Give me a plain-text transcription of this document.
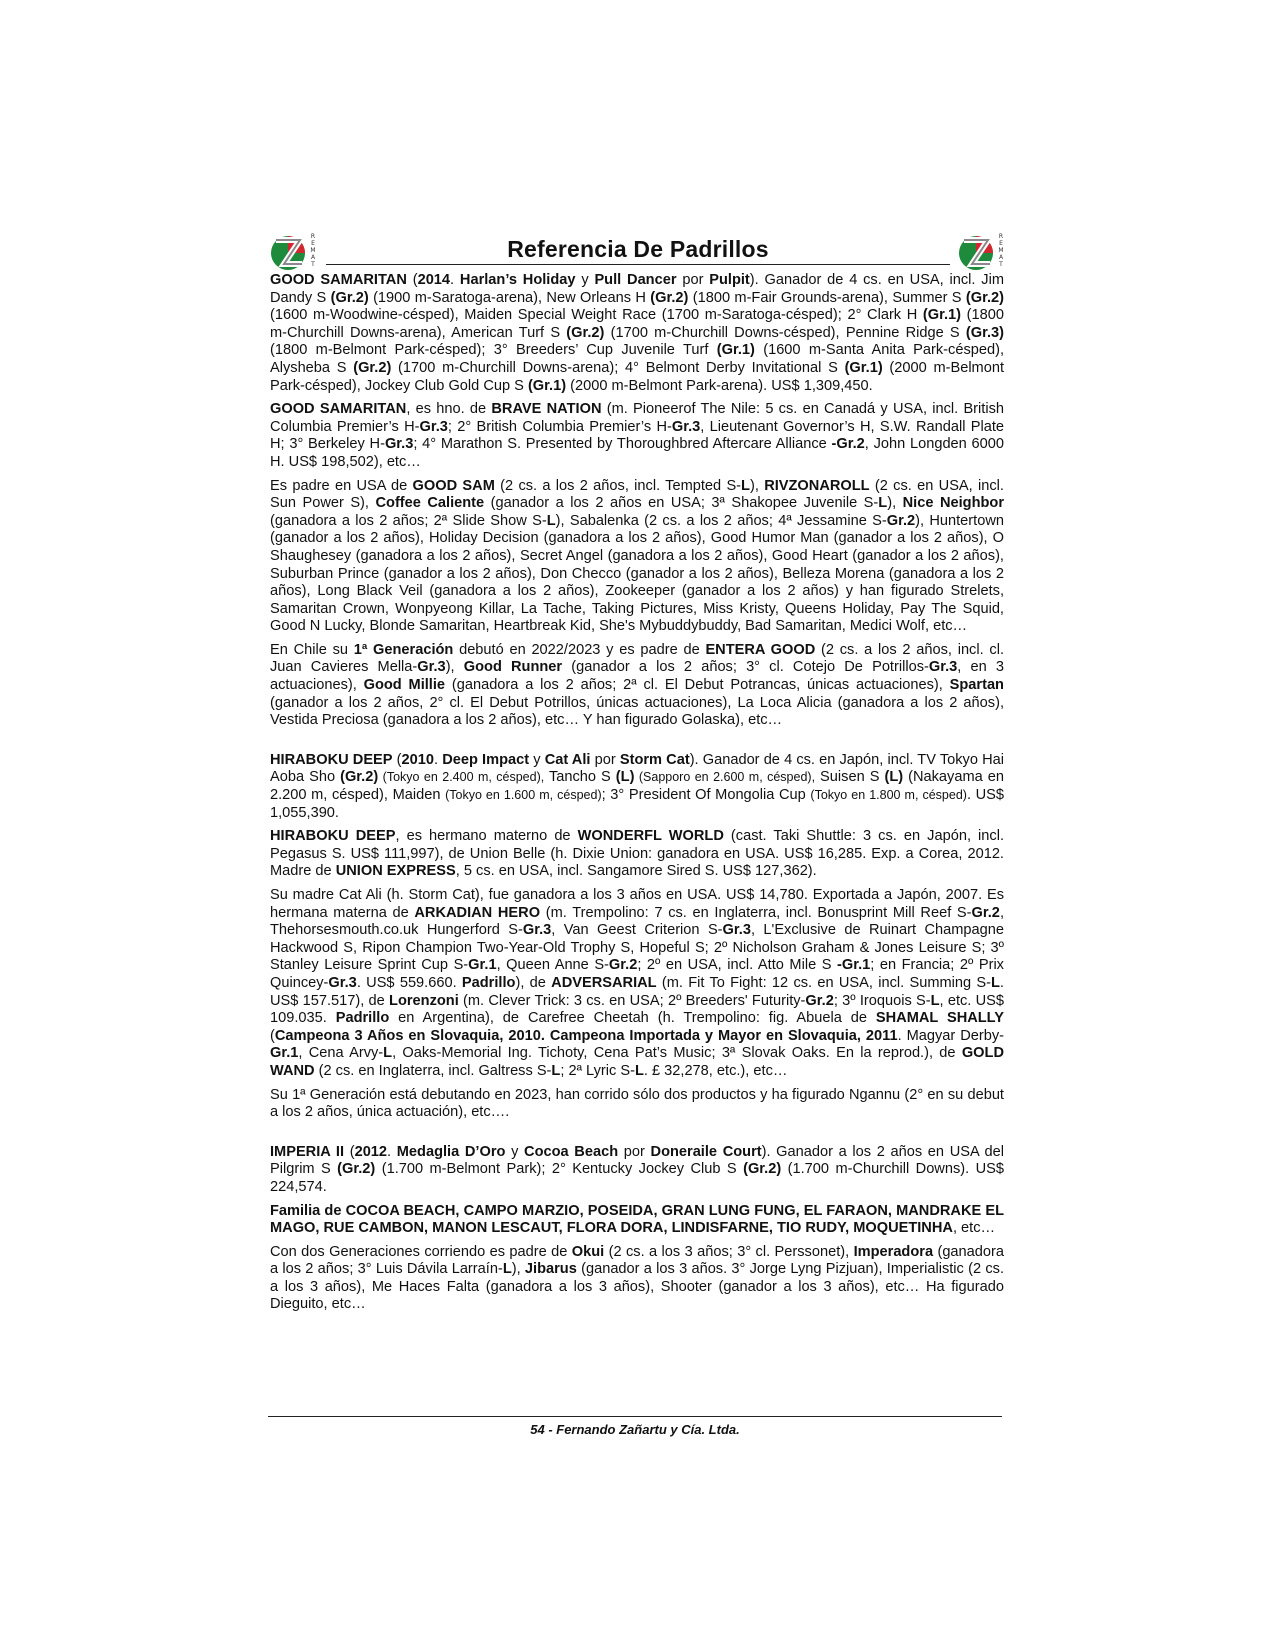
R
E
M
A
T
Referencia De Padrillos	R
E
M
A
T

GOOD SAMARITAN (2014. Harlan’s Holiday y Pull Dancer por Pulpit). Ganador de 4 cs. en USA, incl. Jim Dandy S (Gr.2) (1900 m-Saratoga-arena), New Orleans H (Gr.2) (1800 m-Fair Grounds-arena), Summer S (Gr.2) (1600 m-Woodwine-césped), Maiden Special Weight Race (1700 m-Saratoga-césped); 2° Clark H (Gr.1) (1800 m-Churchill Downs-arena), American Turf S (Gr.2) (1700 m-Churchill Downs-césped), Pennine Ridge S (Gr.3) (1800 m-Belmont Park-césped); 3° Breeders’ Cup Juvenile Turf (Gr.1) (1600 m-Santa Anita Park-césped), Alysheba S (Gr.2) (1700 m-Churchill Downs-arena); 4° Belmont Derby Invitational S (Gr.1) (2000 m-Belmont Park-césped), Jockey Club Gold Cup S (Gr.1) (2000 m-Belmont Park-arena). US$ 1,309,450.

GOOD SAMARITAN, es hno. de BRAVE NATION (m. Pioneerof The Nile: 5 cs. en Canadá y USA, incl. British Columbia Premier’s H-Gr.3; 2° British Columbia Premier’s H-Gr.3, Lieutenant Governor’s H, S.W. Randall Plate H; 3° Berkeley H-Gr.3; 4° Marathon S. Presented by Thoroughbred Aftercare Alliance -Gr.2, John Longden 6000 H. US$ 198,502), etc…

Es padre en USA de GOOD SAM (2 cs. a los 2 años, incl. Tempted S-L), RIVZONAROLL (2 cs. en USA, incl. Sun Power S), Coffee Caliente (ganador a los 2 años en USA; 3ª Shakopee Juvenile S-L), Nice Neighbor (ganadora a los 2 años; 2ª Slide Show S-L), Sabalenka (2 cs. a los 2 años; 4ª Jessamine S-Gr.2), Huntertown (ganador a los 2 años), Holiday Decision (ganadora a los 2 años), Good Humor Man (ganador a los 2 años), O Shaughesey (ganadora a los 2 años), Secret Angel (ganadora a los 2 años), Good Heart (ganador a los 2 años), Suburban Prince (ganador a los 2 años), Don Checco (ganador a los 2 años), Belleza Morena (ganadora a los 2 años), Long Black Veil (ganadora a los 2 años), Zookeeper (ganador a los 2 años) y han figurado Strelets, Samaritan Crown, Wonpyeong Killar, La Tache, Taking Pictures, Miss Kristy, Queens Holiday, Pay The Squid, Good N Lucky, Blonde Samaritan, Heartbreak Kid, She's Mybuddybuddy, Bad Samaritan, Medici Wolf, etc…

En Chile su 1ª Generación debutó en 2022/2023 y es padre de ENTERA GOOD (2 cs. a los 2 años, incl. cl. Juan Cavieres Mella-Gr.3), Good Runner (ganador a los 2 años; 3° cl. Cotejo De Potrillos-Gr.3, en 3 actuaciones), Good Millie (ganadora a los 2 años; 2ª cl. El Debut Potrancas, únicas actuaciones), Spartan (ganador a los 2 años, 2° cl. El Debut Potrillos, únicas actuaciones), La Loca Alicia (ganadora a los 2 años), Vestida Preciosa (ganadora a los 2 años), etc… Y han figurado Golaska), etc…

HIRABOKU DEEP (2010. Deep Impact y Cat Ali por Storm Cat). Ganador de 4 cs. en Japón, incl. TV Tokyo Hai Aoba Sho (Gr.2) (Tokyo en 2.400 m, césped), Tancho S (L) (Sapporo en 2.600 m, césped), Suisen S (L) (Nakayama en 2.200 m, césped), Maiden (Tokyo en 1.600 m, césped); 3° President Of Mongolia Cup (Tokyo en 1.800 m, césped). US$ 1,055,390.

HIRABOKU DEEP, es hermano materno de WONDERFL WORLD (cast. Taki Shuttle: 3 cs. en Japón, incl. Pegasus S. US$ 111,997), de Union Belle (h. Dixie Union: ganadora en USA. US$ 16,285. Exp. a Corea, 2012. Madre de UNION EXPRESS, 5 cs. en USA, incl. Sangamore Sired S. US$ 127,362).

Su madre Cat Ali (h. Storm Cat), fue ganadora a los 3 años en USA. US$ 14,780. Exportada a Japón, 2007. Es hermana materna de ARKADIAN HERO (m. Trempolino: 7 cs. en Inglaterra, incl. Bonusprint Mill Reef S-Gr.2, Thehorsesmouth.co.uk Hungerford S-Gr.3, Van Geest Criterion S-Gr.3, L'Exclusive de Ruinart Champagne Hackwood S, Ripon Champion Two-Year-Old Trophy S, Hopeful S; 2º Nicholson Graham & Jones Leisure S; 3º Stanley Leisure Sprint Cup S-Gr.1, Queen Anne S-Gr.2; 2º en USA, incl. Atto Mile S -Gr.1; en Francia; 2º Prix Quincey-Gr.3. US$ 559.660. Padrillo), de ADVERSARIAL (m. Fit To Fight: 12 cs. en USA, incl. Summing S-L. US$ 157.517), de Lorenzoni (m. Clever Trick: 3 cs. en USA; 2º Breeders' Futurity-Gr.2; 3º Iroquois S-L, etc. US$ 109.035. Padrillo en Argentina), de Carefree Cheetah (h. Trempolino: fig. Abuela de SHAMAL SHALLY (Campeona 3 Años en Slovaquia, 2010. Campeona Importada y Mayor en Slovaquia, 2011. Magyar Derby-Gr.1, Cena Arvy-L, Oaks-Memorial Ing. Tichoty, Cena Pat’s Music; 3ª Slovak Oaks. En la reprod.), de GOLD WAND (2 cs. en Inglaterra, incl. Galtress S-L; 2ª Lyric S-L. £ 32,278, etc.), etc…

Su 1ª Generación está debutando en 2023, han corrido sólo dos productos y ha figurado Ngannu (2° en su debut a los 2 años, única actuación), etc….

IMPERIA II (2012. Medaglia D’Oro y Cocoa Beach por Doneraile Court). Ganador a los 2 años en USA del Pilgrim S (Gr.2) (1.700 m-Belmont Park); 2° Kentucky Jockey Club S (Gr.2) (1.700 m-Churchill Downs). US$ 224,574.

Familia de COCOA BEACH, CAMPO MARZIO, POSEIDA, GRAN LUNG FUNG, EL FARAON, MANDRAKE EL MAGO, RUE CAMBON, MANON LESCAUT, FLORA DORA, LINDISFARNE, TIO RUDY, MOQUETINHA, etc…

Con dos Generaciones corriendo es padre de Okui (2 cs. a los 3 años; 3° cl. Perssonet), Imperadora (ganadora a los 2 años; 3° Luis Dávila Larraín-L), Jibarus (ganador a los 3 años. 3° Jorge Lyng Pizjuan), Imperialistic (2 cs. a los 3 años), Me Haces Falta (ganadora a los 3 años), Shooter (ganador a los 3 años), etc… Ha figurado Dieguito, etc…

54 - Fernando Zañartu y Cía. Ltda.
